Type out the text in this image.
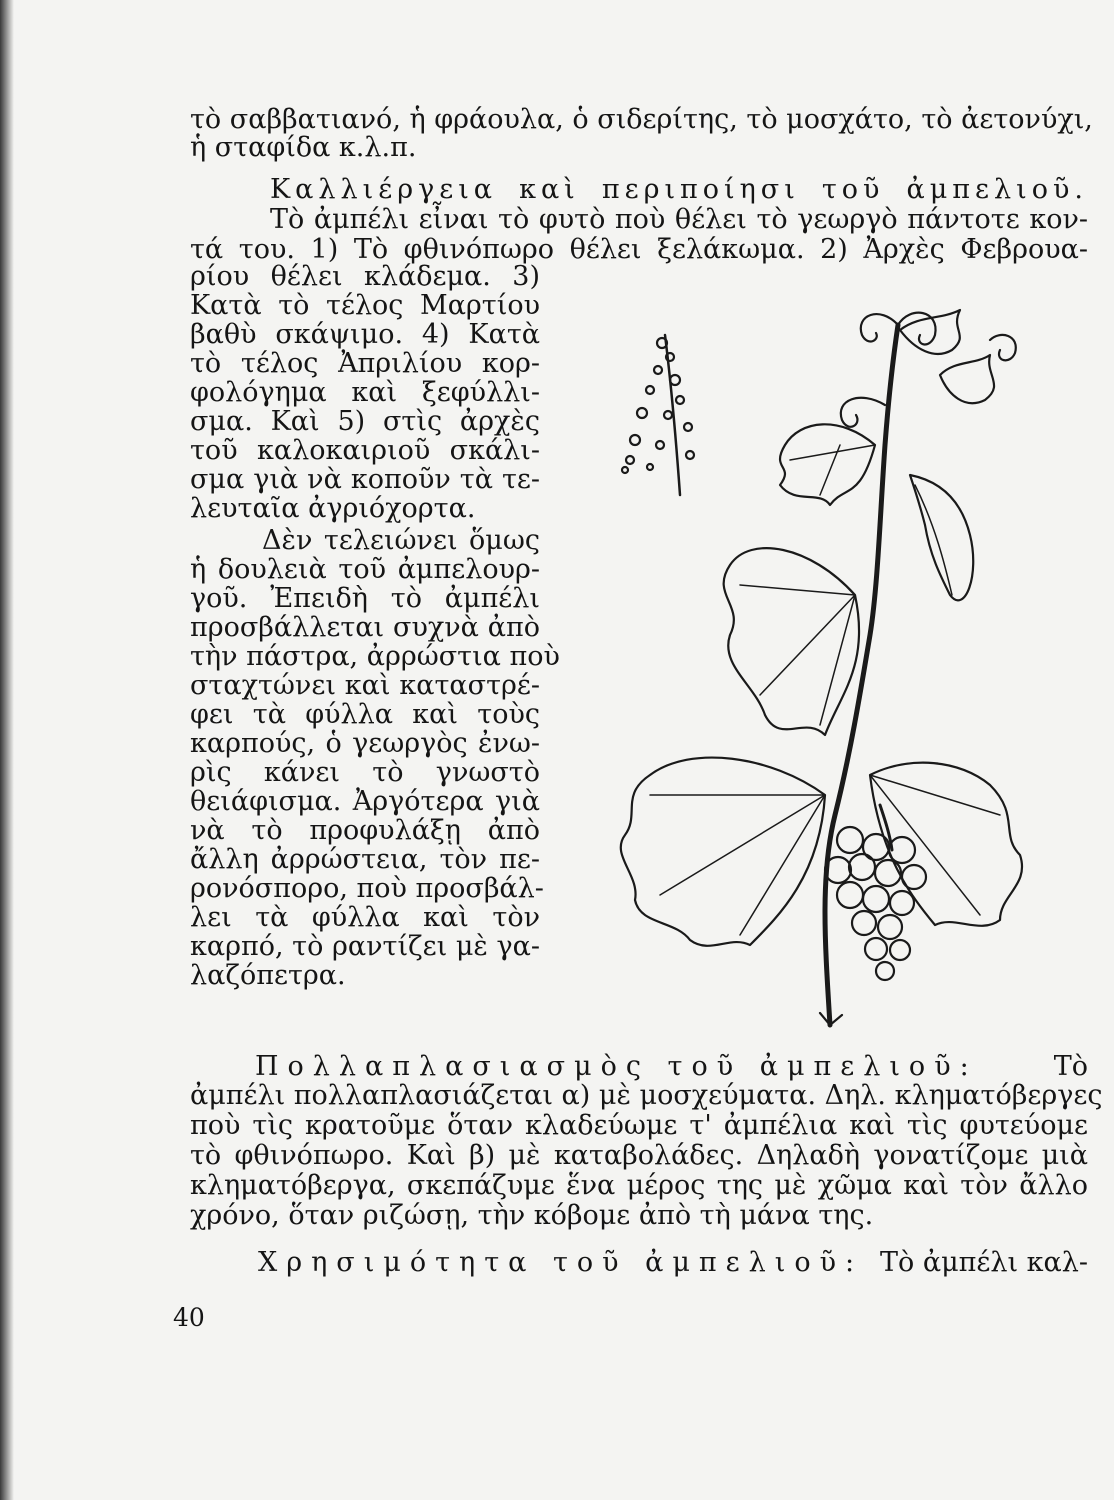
τὸ σαββατιανό, ἡ φράουλα, ὁ σιδερίτης, τὸ μοσχάτο, τὸ ἀετονύχι,
ἡ σταφίδα κ.λ.π.
Καλλιέργεια καὶ περιποίησι τοῦ ἀμπελιοῦ.
Τὸ ἀμπέλι εἶναι τὸ φυτὸ ποὺ θέλει τὸ γεωργὸ πάντοτε κον-
τά του. 1) Τὸ φθινόπωρο θέλει ξελάκωμα. 2) Ἀρχὲς Φεβρουα-
ρίου θέλει κλάδεμα. 3)
Κατὰ τὸ τέλος Μαρτίου
βαθὺ σκάψιμο. 4) Κατὰ
τὸ τέλος Ἀπριλίου κορ-
φολόγημα καὶ ξεφύλλι-
σμα. Καὶ 5) στὶς ἀρχὲς
τοῦ καλοκαιριοῦ σκάλι-
σμα γιὰ νὰ κοποῦν τὰ τε-
λευταῖα ἀγριόχορτα.
Δὲν τελειώνει ὅμως
ἡ δουλειὰ τοῦ ἀμπελουρ-
γοῦ. Ἐπειδὴ τὸ ἀμπέλι
προσβάλλεται συχνὰ ἀπὸ
τὴν πάστρα, ἀρρώστια ποὺ
σταχτώνει καὶ καταστρέ-
φει τὰ φύλλα καὶ τοὺς
καρπούς, ὁ γεωργὸς ἐνω-
ρὶς κάνει τὸ γνωστὸ
θειάφισμα. Ἀργότερα γιὰ
νὰ τὸ προφυλάξῃ ἀπὸ
ἄλλη ἀρρώστεια, τὸν πε-
ρονόσπορο, ποὺ προσβάλ-
λει τὰ φύλλα καὶ τὸν
καρπό, τὸ ραντίζει μὲ γα-
λαζόπετρα.
Πολλαπλασιασμὸς τοῦ ἀμπελιοῦ:	Τὸ
ἀμπέλι πολλαπλασιάζεται α) μὲ μοσχεύματα. Δηλ. κληματόβεργες
ποὺ τὶς κρατοῦμε ὅταν κλαδεύωμε τ' ἀμπέλια καὶ τὶς φυτεύομε
τὸ φθινόπωρο. Καὶ β) μὲ καταβολάδες. Δηλαδὴ γονατίζομε μιὰ
κληματόβεργα, σκεπάζυμε ἕνα μέρος της μὲ χῶμα καὶ τὸν ἄλλο
χρόνο, ὅταν ριζώσῃ, τὴν κόβομε ἀπὸ τὴ μάνα της.
Χρησιμότητα τοῦ ἀμπελιοῦ: Τὸ ἀμπέλι καλ-
40
